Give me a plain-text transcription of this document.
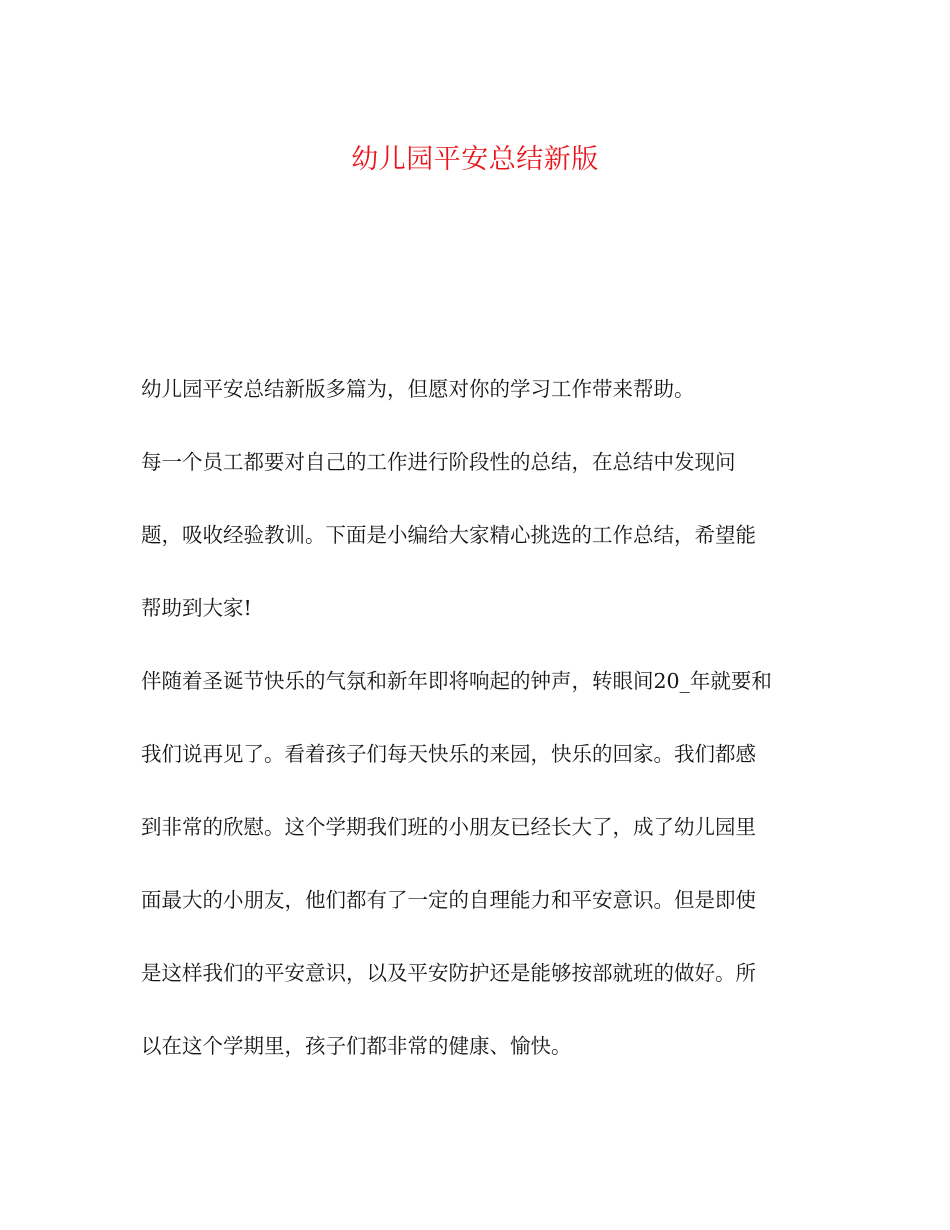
幼儿园平安总结新版
幼儿园平安总结新版多篇为，但愿对你的学习工作带来帮助。
每一个员工都要对自己的工作进行阶段性的总结，在总结中发现问
题，吸收经验教训。下面是小编给大家精心挑选的工作总结，希望能
帮助到大家!
伴随着圣诞节快乐的气氛和新年即将响起的钟声，转眼间20_年就要和
我们说再见了。看着孩子们每天快乐的来园，快乐的回家。我们都感
到非常的欣慰。这个学期我们班的小朋友已经长大了，成了幼儿园里
面最大的小朋友，他们都有了一定的自理能力和平安意识。但是即使
是这样我们的平安意识，以及平安防护还是能够按部就班的做好。所
以在这个学期里，孩子们都非常的健康、愉快。
